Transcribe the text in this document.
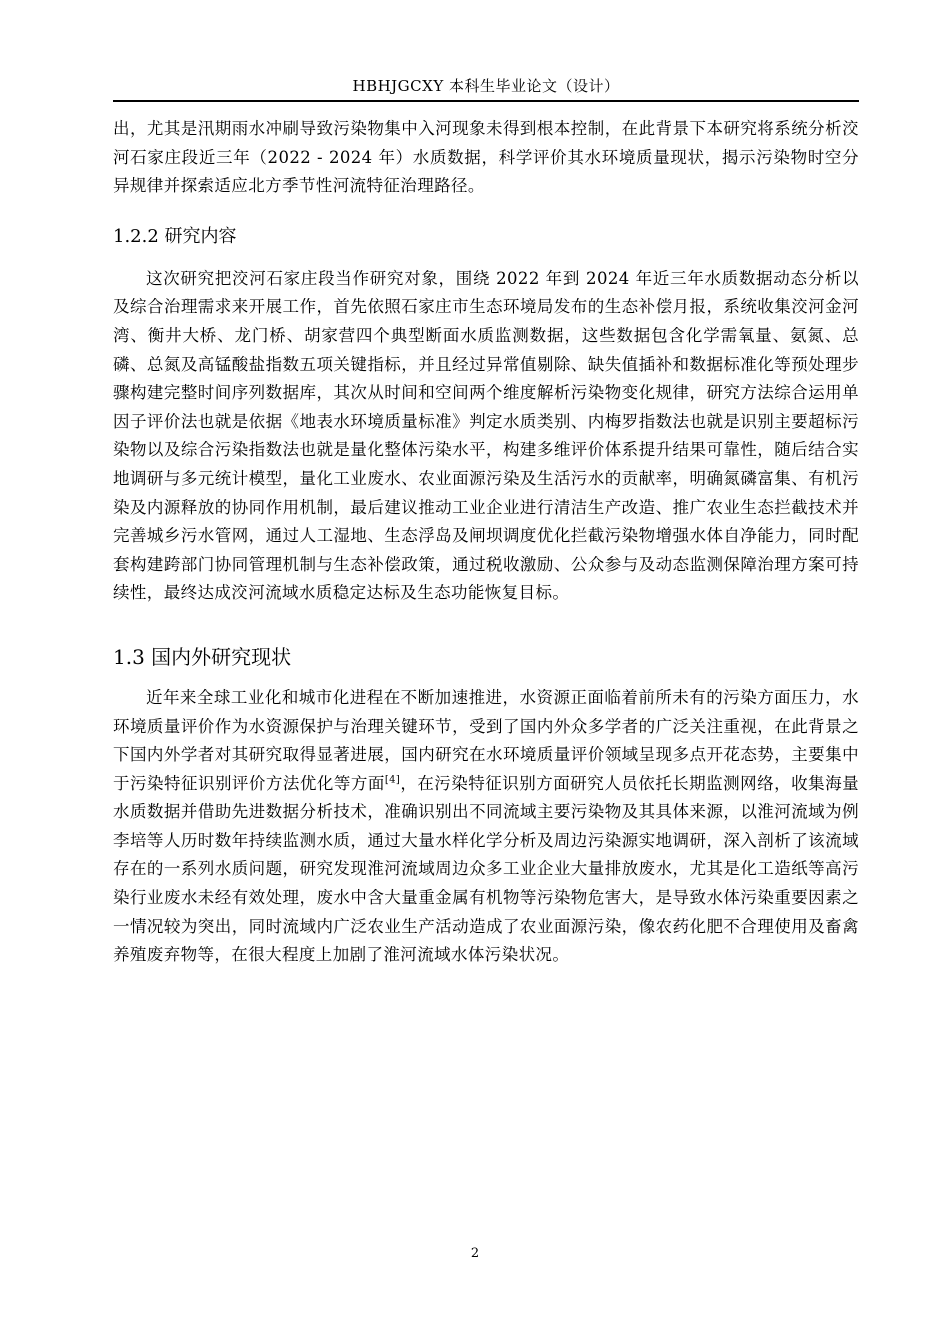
HBHJGCXY 本科生毕业论文（设计）

出，尤其是汛期雨水冲刷导致污染物集中入河现象未得到根本控制，在此背景下本研究将系统分析洨河石家庄段近三年（2022 - 2024 年）水质数据，科学评价其水环境质量现状，揭示污染物时空分异规律并探索适应北方季节性河流特征治理路径。

1.2.2 研究内容

这次研究把洨河石家庄段当作研究对象，围绕 2022 年到 2024 年近三年水质数据动态分析以及综合治理需求来开展工作，首先依照石家庄市生态环境局发布的生态补偿月报，系统收集洨河金河湾、衡井大桥、龙门桥、胡家营四个典型断面水质监测数据，这些数据包含化学需氧量、氨氮、总磷、总氮及高锰酸盐指数五项关键指标，并且经过异常值剔除、缺失值插补和数据标准化等预处理步骤构建完整时间序列数据库，其次从时间和空间两个维度解析污染物变化规律，研究方法综合运用单因子评价法也就是依据《地表水环境质量标准》判定水质类别、内梅罗指数法也就是识别主要超标污染物以及综合污染指数法也就是量化整体污染水平，构建多维评价体系提升结果可靠性，随后结合实地调研与多元统计模型，量化工业废水、农业面源污染及生活污水的贡献率，明确氮磷富集、有机污染及内源释放的协同作用机制，最后建议推动工业企业进行清洁生产改造、推广农业生态拦截技术并完善城乡污水管网，通过人工湿地、生态浮岛及闸坝调度优化拦截污染物增强水体自净能力，同时配套构建跨部门协同管理机制与生态补偿政策，通过税收激励、公众参与及动态监测保障治理方案可持续性，最终达成洨河流域水质稳定达标及生态功能恢复目标。

1.3 国内外研究现状

近年来全球工业化和城市化进程在不断加速推进，水资源正面临着前所未有的污染方面压力，水环境质量评价作为水资源保护与治理关键环节，受到了国内外众多学者的广泛关注重视，在此背景之下国内外学者对其研究取得显著进展，国内研究在水环境质量评价领域呈现多点开花态势，主要集中于污染特征识别评价方法优化等方面[4]，在污染特征识别方面研究人员依托长期监测网络，收集海量水质数据并借助先进数据分析技术，准确识别出不同流域主要污染物及其具体来源，以淮河流域为例李培等人历时数年持续监测水质，通过大量水样化学分析及周边污染源实地调研，深入剖析了该流域存在的一系列水质问题，研究发现淮河流域周边众多工业企业大量排放废水，尤其是化工造纸等高污染行业废水未经有效处理，废水中含大量重金属有机物等污染物危害大，是导致水体污染重要因素之一情况较为突出，同时流域内广泛农业生产活动造成了农业面源污染，像农药化肥不合理使用及畜禽养殖废弃物等，在很大程度上加剧了淮河流域水体污染状况。

2
